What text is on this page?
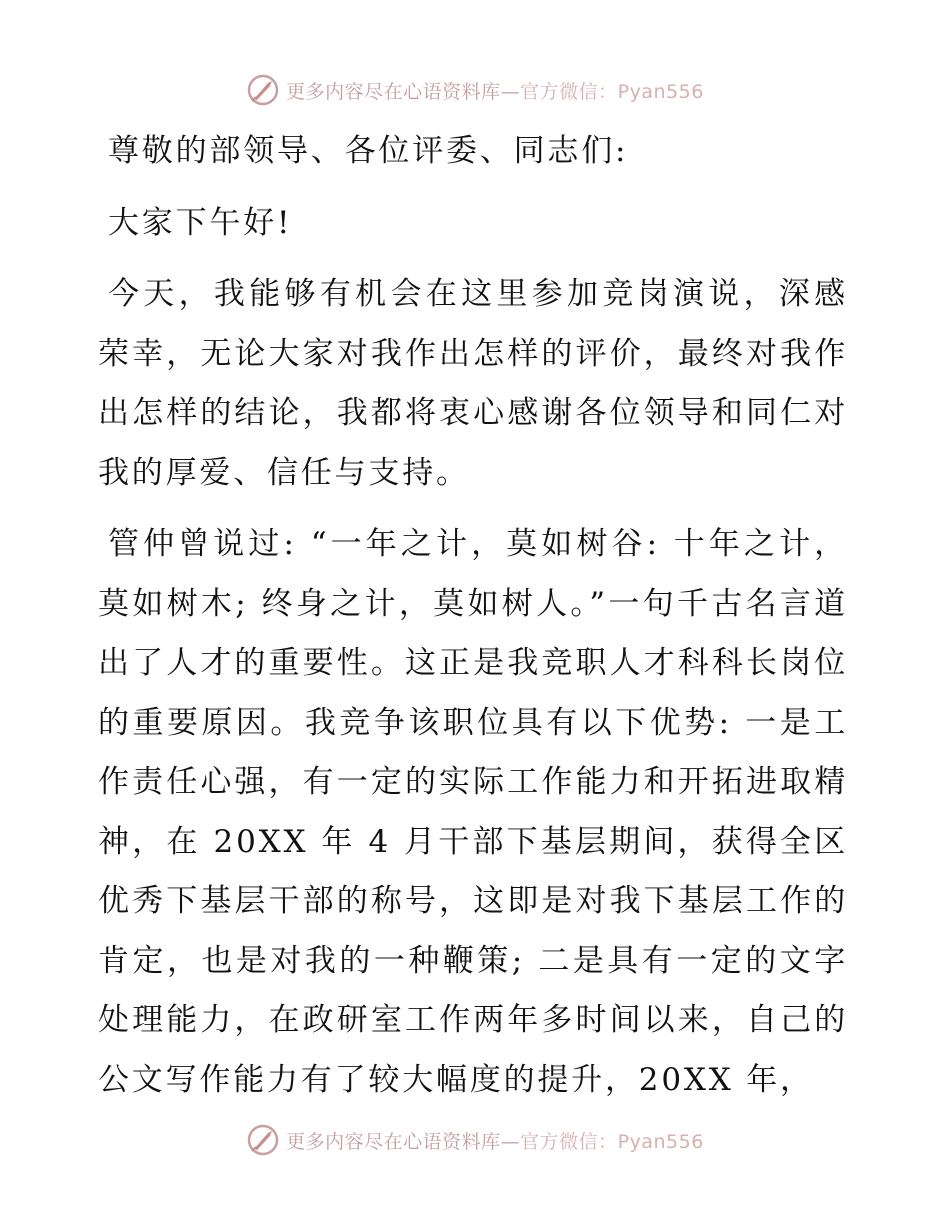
更多内容尽在心语资料库—官方微信：Pyan556

尊敬的部领导、各位评委、同志们:

大家下午好!

今天，我能够有机会在这里参加竞岗演说，深感荣幸，无论大家对我作出怎样的评价，最终对我作出怎样的结论，我都将衷心感谢各位领导和同仁对我的厚爱、信任与支持。

管仲曾说过: “一年之计，莫如树谷: 十年之计，莫如树木; 终身之计，莫如树人。”一句千古名言道出了人才的重要性。这正是我竞职人才科科长岗位的重要原因。我竞争该职位具有以下优势: 一是工作责任心强，有一定的实际工作能力和开拓进取精神，在 20XX 年 4 月干部下基层期间，获得全区优秀下基层干部的称号，这即是对我下基层工作的肯定，也是对我的一种鞭策; 二是具有一定的文字处理能力，在政研室工作两年多时间以来，自己的公文写作能力有了较大幅度的提升，20XX 年，

更多内容尽在心语资料库—官方微信：Pyan556
